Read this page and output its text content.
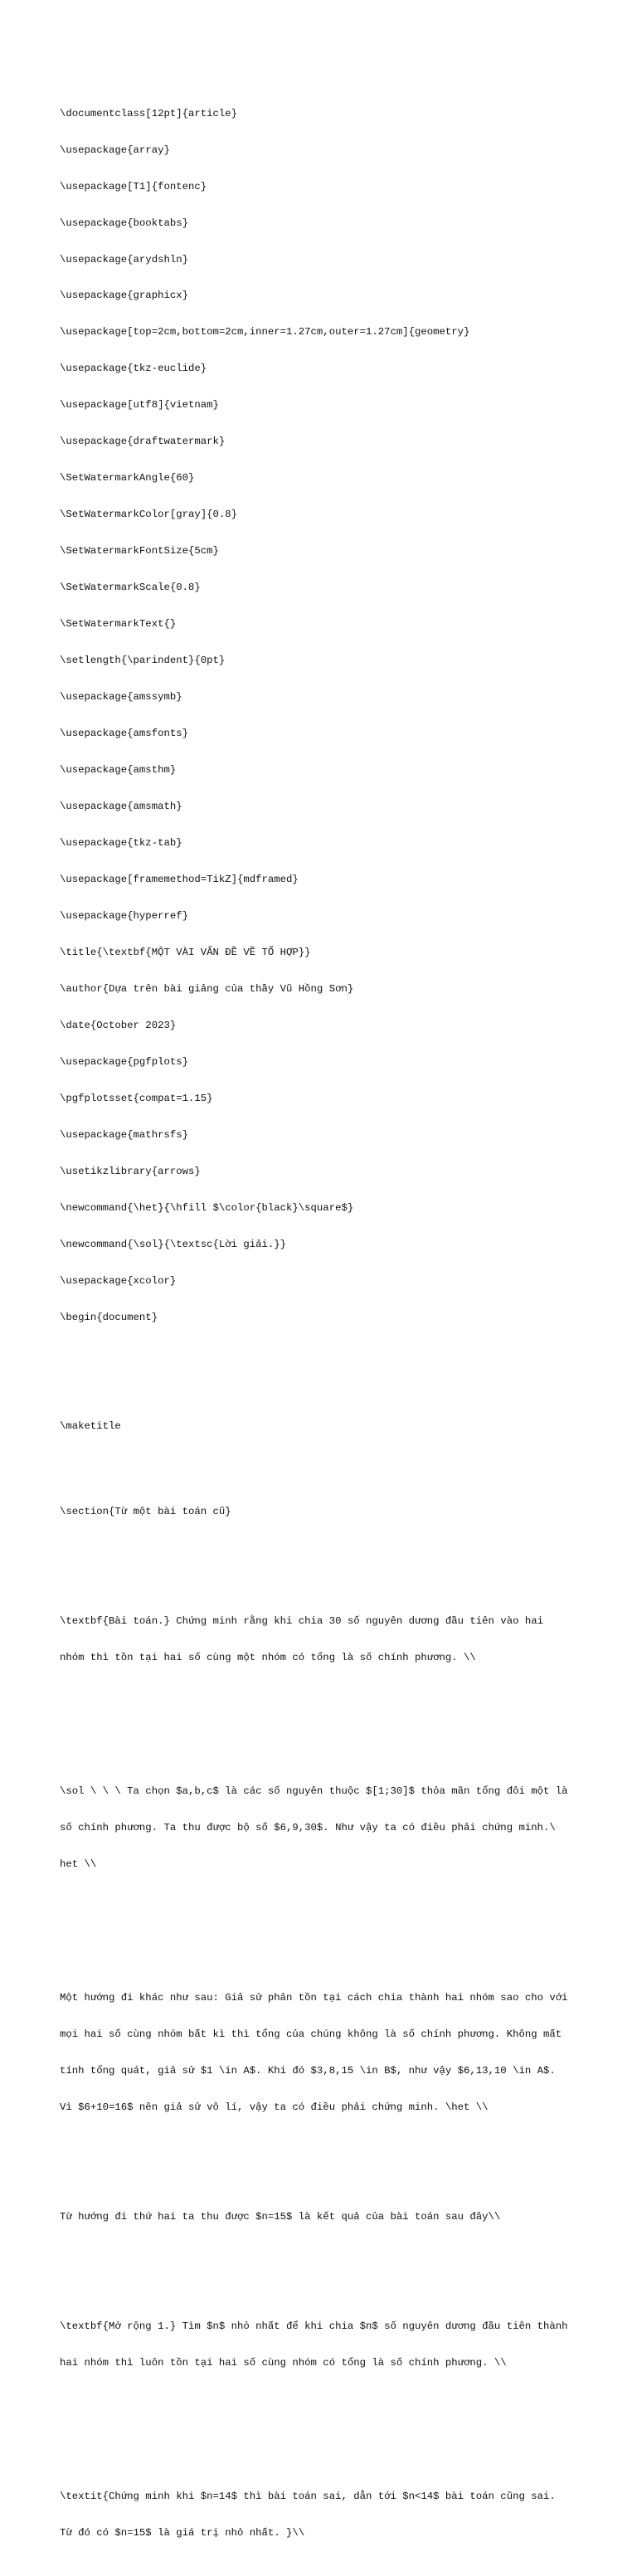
\documentclass[12pt]{article}

\usepackage{array}

\usepackage[T1]{fontenc}

\usepackage{booktabs}

\usepackage{arydshln}

\usepackage{graphicx}

\usepackage[top=2cm,bottom=2cm,inner=1.27cm,outer=1.27cm]{geometry}

\usepackage{tkz-euclide}

\usepackage[utf8]{vietnam}

\usepackage{draftwatermark}

\SetWatermarkAngle{60}

\SetWatermarkColor[gray]{0.8}

\SetWatermarkFontSize{5cm}

\SetWatermarkScale{0.8}

\SetWatermarkText{}

\setlength{\parindent}{0pt}

\usepackage{amssymb}

\usepackage{amsfonts}

\usepackage{amsthm}

\usepackage{amsmath}

\usepackage{tkz-tab}

\usepackage[framemethod=TikZ]{mdframed}

\usepackage{hyperref}

\title{\textbf{MỘT VÀI VẤN ĐỀ VỀ TỔ HỢP}}

\author{Dựa trên bài giảng của thầy Vũ Hồng Sơn}

\date{October 2023}

\usepackage{pgfplots}

\pgfplotsset{compat=1.15}

\usepackage{mathrsfs}

\usetikzlibrary{arrows}

\newcommand{\het}{\hfill $\color{black}\square$}

\newcommand{\sol}{\textsc{Lời giải.}}

\usepackage{xcolor}

\begin{document}

\maketitle

\section{Từ một bài toán cũ}

\textbf{Bài toán.} Chứng minh rằng khi chia 30 số nguyên dương đầu tiên vào hai

nhóm thì tồn tại hai số cùng một nhóm có tổng là số chính phương. \\

\sol \ \ \ Ta chọn $a,b,c$ là các số nguyên thuộc $[1;30]$ thỏa mãn tổng đôi một là

số chính phương. Ta thu được bộ số $6,9,30$. Như vậy ta có điều phải chứng minh.\

het \\

Một hướng đi khác như sau: Giả sử phản tồn tại cách chia thành hai nhóm sao cho với

mọi hai số cùng nhóm bất kì thì tổng của chúng không là số chính phương. Không mất

tính tổng quát, giả sử $1 \in A$. Khi đó $3,8,15 \in B$, như vậy $6,13,10 \in A$.

Vì $6+10=16$ nên giả sử vô lí, vậy ta có điều phải chứng minh. \het \\

Từ hướng đi thứ hai ta thu được $n=15$ là kết quả của bài toán sau đây\\

\textbf{Mở rộng 1.} Tìm $n$ nhỏ nhất để khi chia $n$ số nguyên dương đầu tiên thành

hai nhóm thì luôn tồn tại hai số cùng nhóm có tổng là số chính phương. \\

\textit{Chứng minh khi $n=14$ thì bài toán sai, dẫn tới $n<14$ bài toán cũng sai.

Từ đó có $n=15$ là giá trị nhỏ nhất. }\\
